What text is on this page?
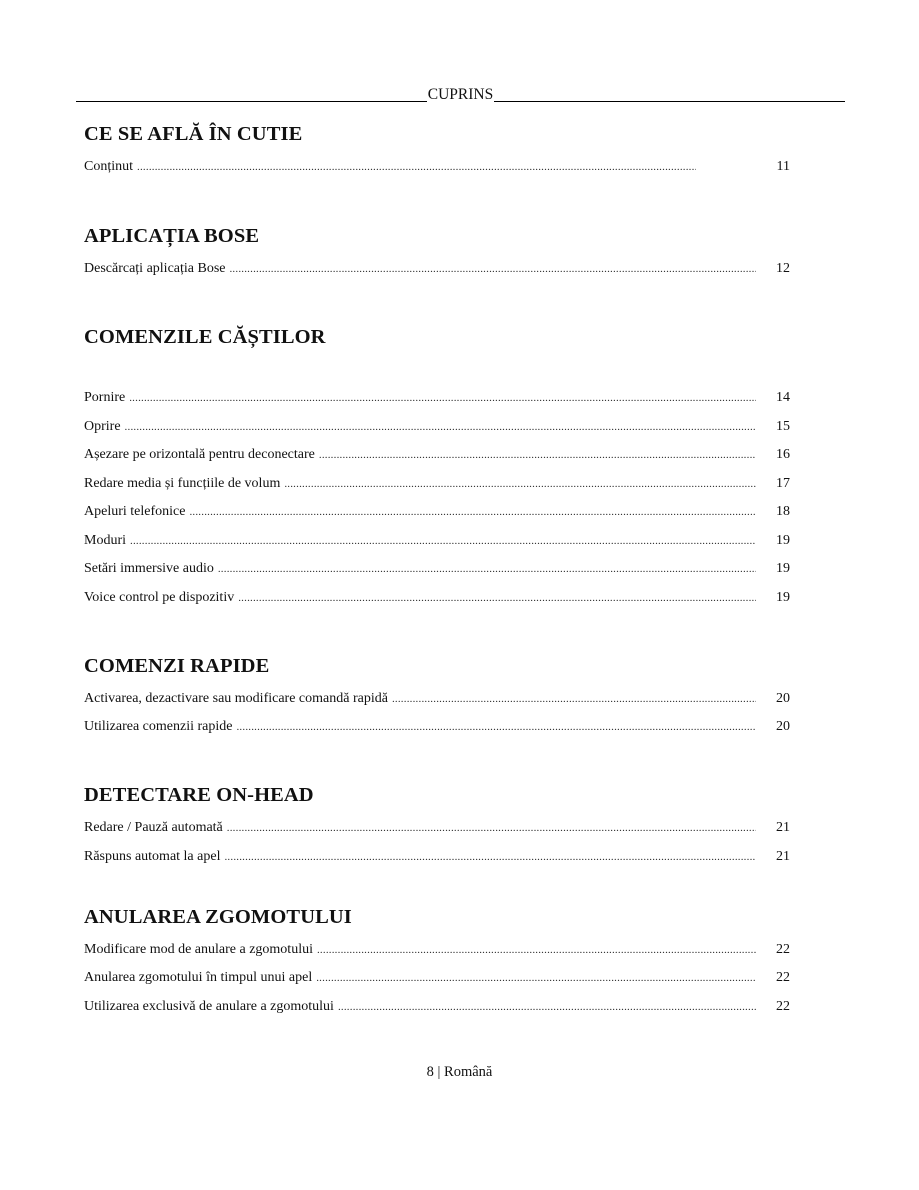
CUPRINS
CE SE AFLĂ ÎN CUTIE
Conținut .....	11
APLICAȚIA BOSE
Descărcați aplicația Bose .....	12
COMENZILE CĂȘTILOR
Pornire .....	14
Oprire .....	15
Așezare pe orizontală pentru deconectare .....	16
Redare media și funcțiile de volum .....	17
Apeluri telefonice .....	18
Moduri .....	19
Setări immersive audio .....	19
Voice control pe dispozitiv .....	19
COMENZI RAPIDE
Activarea, dezactivare sau modificare comandă rapidă .....	20
Utilizarea comenzii rapide .....	20
DETECTARE ON-HEAD
Redare / Pauză automată .....	21
Răspuns automat la apel .....	21
ANULAREA ZGOMOTULUI
Modificare mod de anulare a zgomotului .....	22
Anularea zgomotului în timpul unui apel .....	22
Utilizarea exclusivă de anulare a zgomotului .....	22
8 | Română
